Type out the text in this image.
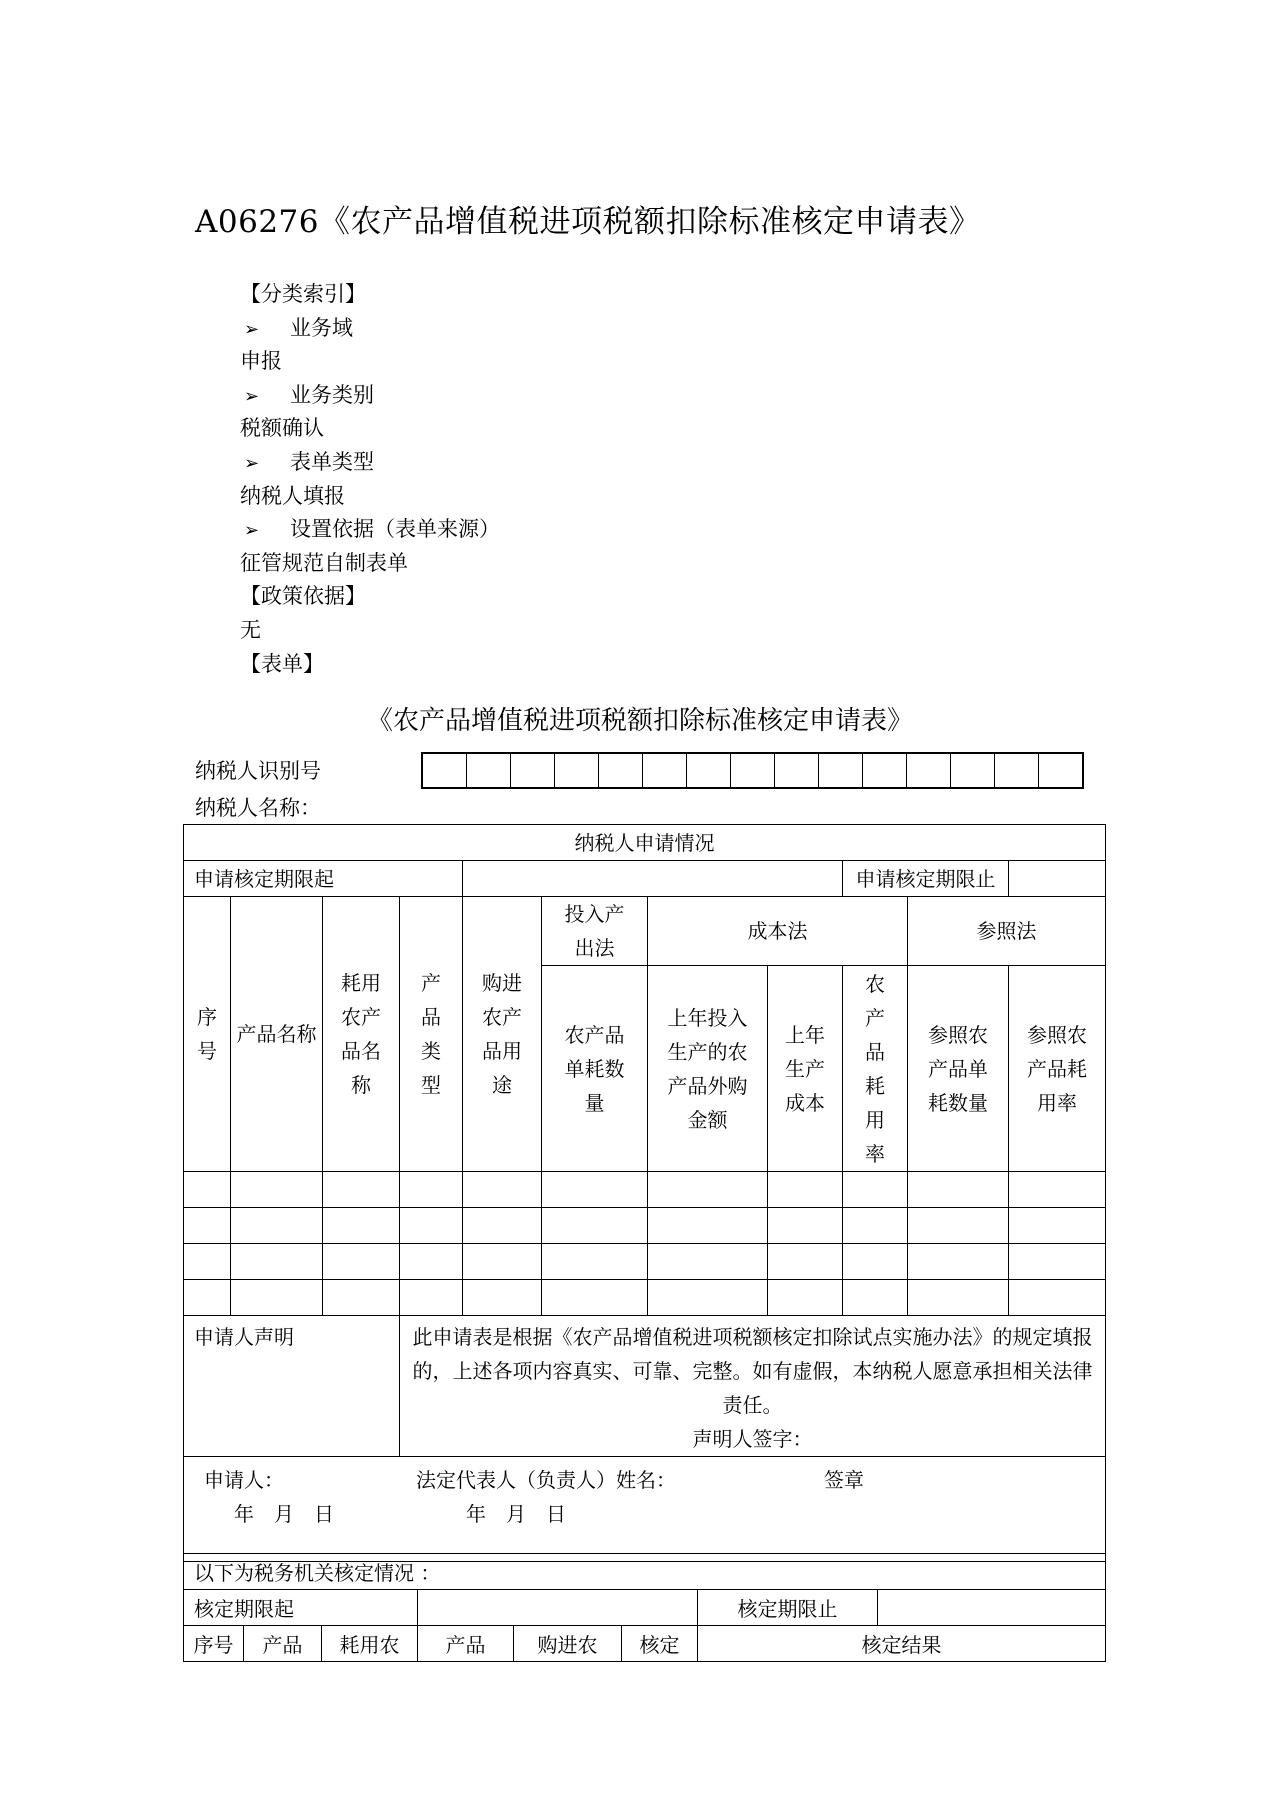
A06276《农产品增值税进项税额扣除标准核定申请表》
【分类索引】
➢ 业务域
申报
➢ 业务类别
税额确认
➢ 表单类型
纳税人填报
➢ 设置依据（表单来源）
征管规范自制表单
【政策依据】
无
【表单】
《农产品增值税进项税额扣除标准核定申请表》
纳税人识别号
纳税人名称：
纳税人申请情况										
申请核定期限起								申请核定期限止		
序号	产品名称	耗用农产品名称	产品类型	购进农产品用途	投入产出法	成本法			参照法	
					农产品单耗数量	上年投入生产的农产品外购金额	上年生产成本	农产品耗用率	参照农产品单耗数量	参照农产品耗用率

申请人声明			此申请表是根据《农产品增值税进项税额核定扣除试点实施办法》的规定填报的，上述各项内容真实、可靠、完整。如有虚假，本纳税人愿意承担相关法律责任。
声明人签字：							

申请人： 法定代表人（负责人）姓名： 签章
年　月　日 年　月　日										
以下为税务机关核定情况 ：							
核定期限起						核定期限止	
序号	产品	耗用农	产品	购进农	核定	核定结果	
